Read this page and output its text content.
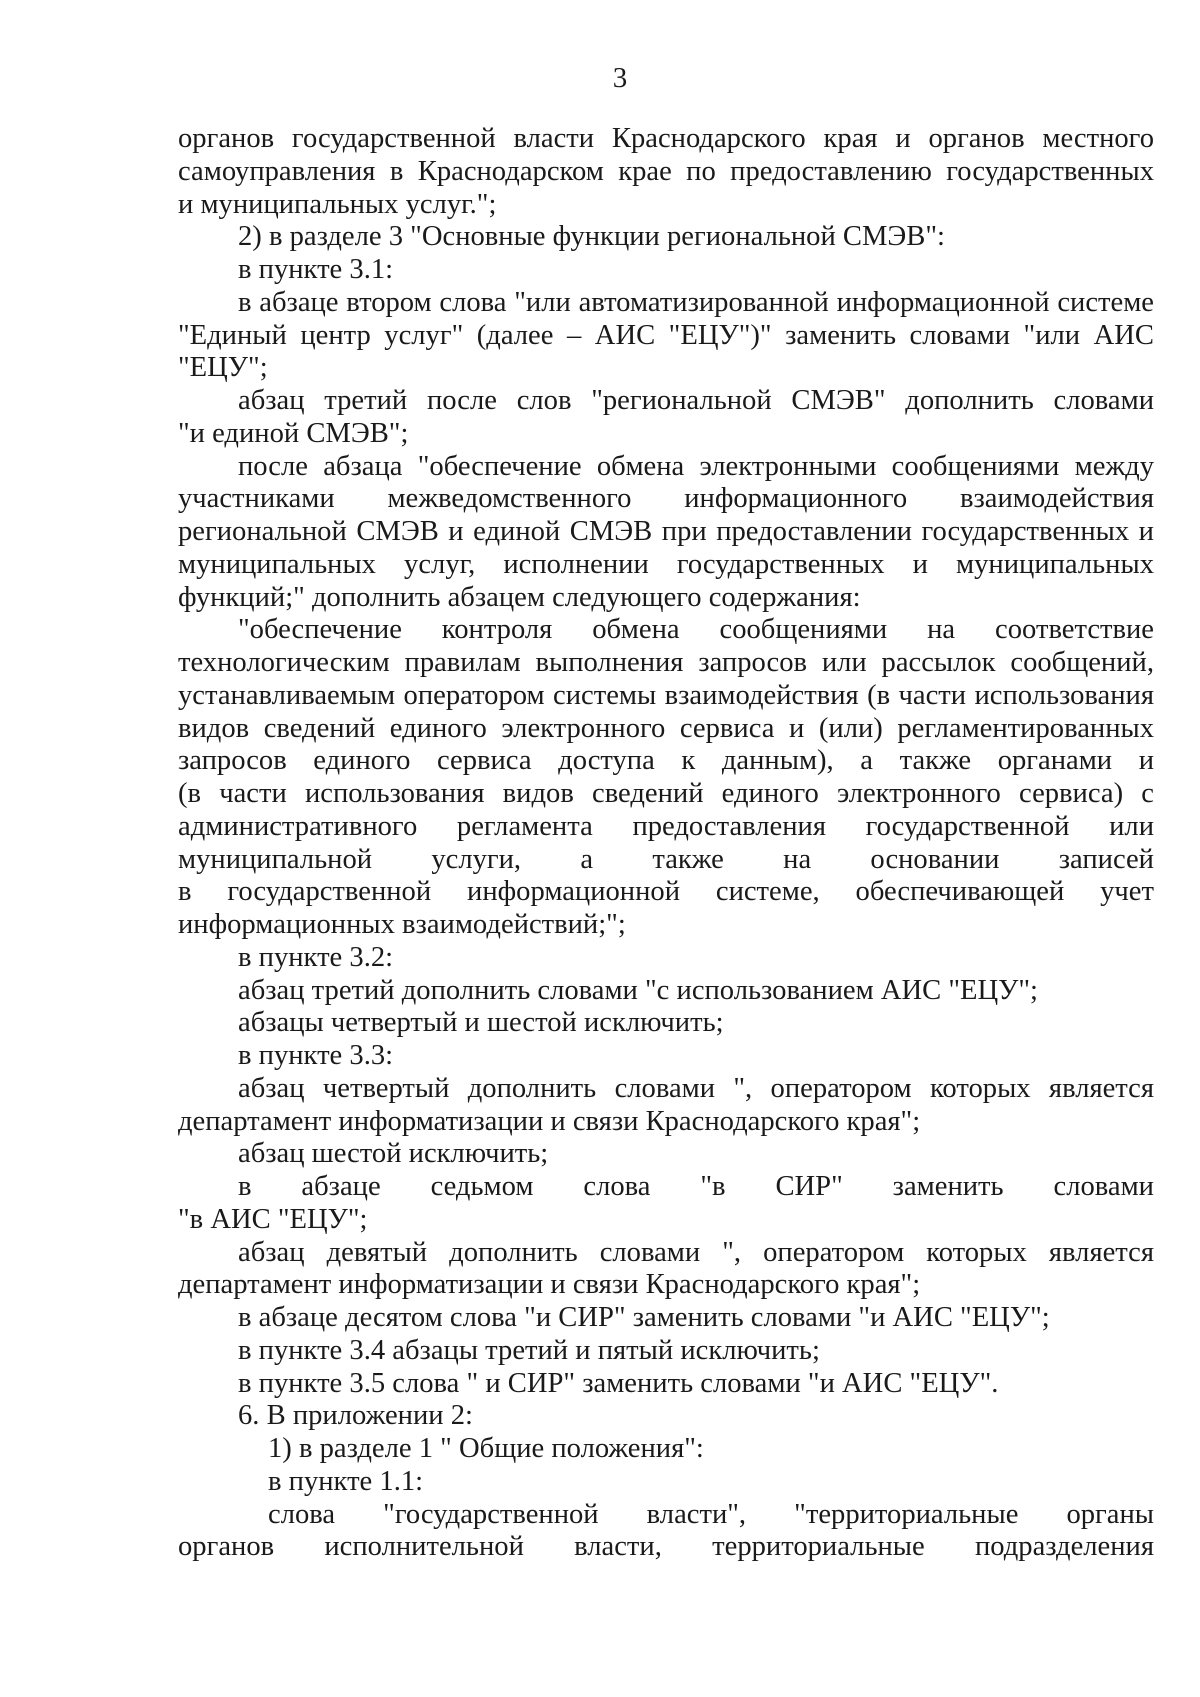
3
органов государственной власти Краснодарского края и органов местного
самоуправления в Краснодарском крае по предоставлению государственных
и муниципальных услуг.";
2) в разделе 3 "Основные функции региональной СМЭВ":
в пункте 3.1:
в абзаце втором слова "или автоматизированной информационной системе
"Единый центр услуг" (далее – АИС "ЕЦУ")" заменить словами "или АИС
"ЕЦУ";
абзац третий после слов "региональной СМЭВ" дополнить словами
"и единой СМЭВ";
после абзаца "обеспечение обмена электронными сообщениями между
участниками межведомственного информационного взаимодействия
региональной СМЭВ и единой СМЭВ при предоставлении государственных и
муниципальных услуг, исполнении государственных и муниципальных
функций;" дополнить абзацем следующего содержания:
"обеспечение контроля обмена сообщениями на соответствие
технологическим правилам выполнения запросов или рассылок сообщений,
устанавливаемым оператором системы взаимодействия (в части использования
видов сведений единого электронного сервиса и (или) регламентированных
запросов единого сервиса доступа к данным), а также органами и
(в части использования видов сведений единого электронного сервиса) с
административного регламента предоставления государственной или
муниципальной услуги, а также на основании записей
в государственной информационной системе, обеспечивающей учет
информационных взаимодействий;";
в пункте 3.2:
абзац третий дополнить словами "с использованием АИС "ЕЦУ";
абзацы четвертый и шестой исключить;
в пункте 3.3:
абзац четвертый дополнить словами ", оператором которых является
департамент информатизации и связи Краснодарского края";
абзац шестой исключить;
в абзаце седьмом слова "в СИР" заменить словами
"в АИС "ЕЦУ";
абзац девятый дополнить словами ", оператором которых является
департамент информатизации и связи Краснодарского края";
в абзаце десятом слова "и СИР" заменить словами "и АИС "ЕЦУ";
в пункте 3.4 абзацы третий и пятый исключить;
в пункте 3.5 слова " и СИР" заменить словами "и АИС "ЕЦУ".
6. В приложении 2:
1) в разделе 1 " Общие положения":
в пункте 1.1:
слова "государственной власти", "территориальные органы
органов исполнительной власти, территориальные подразделения
